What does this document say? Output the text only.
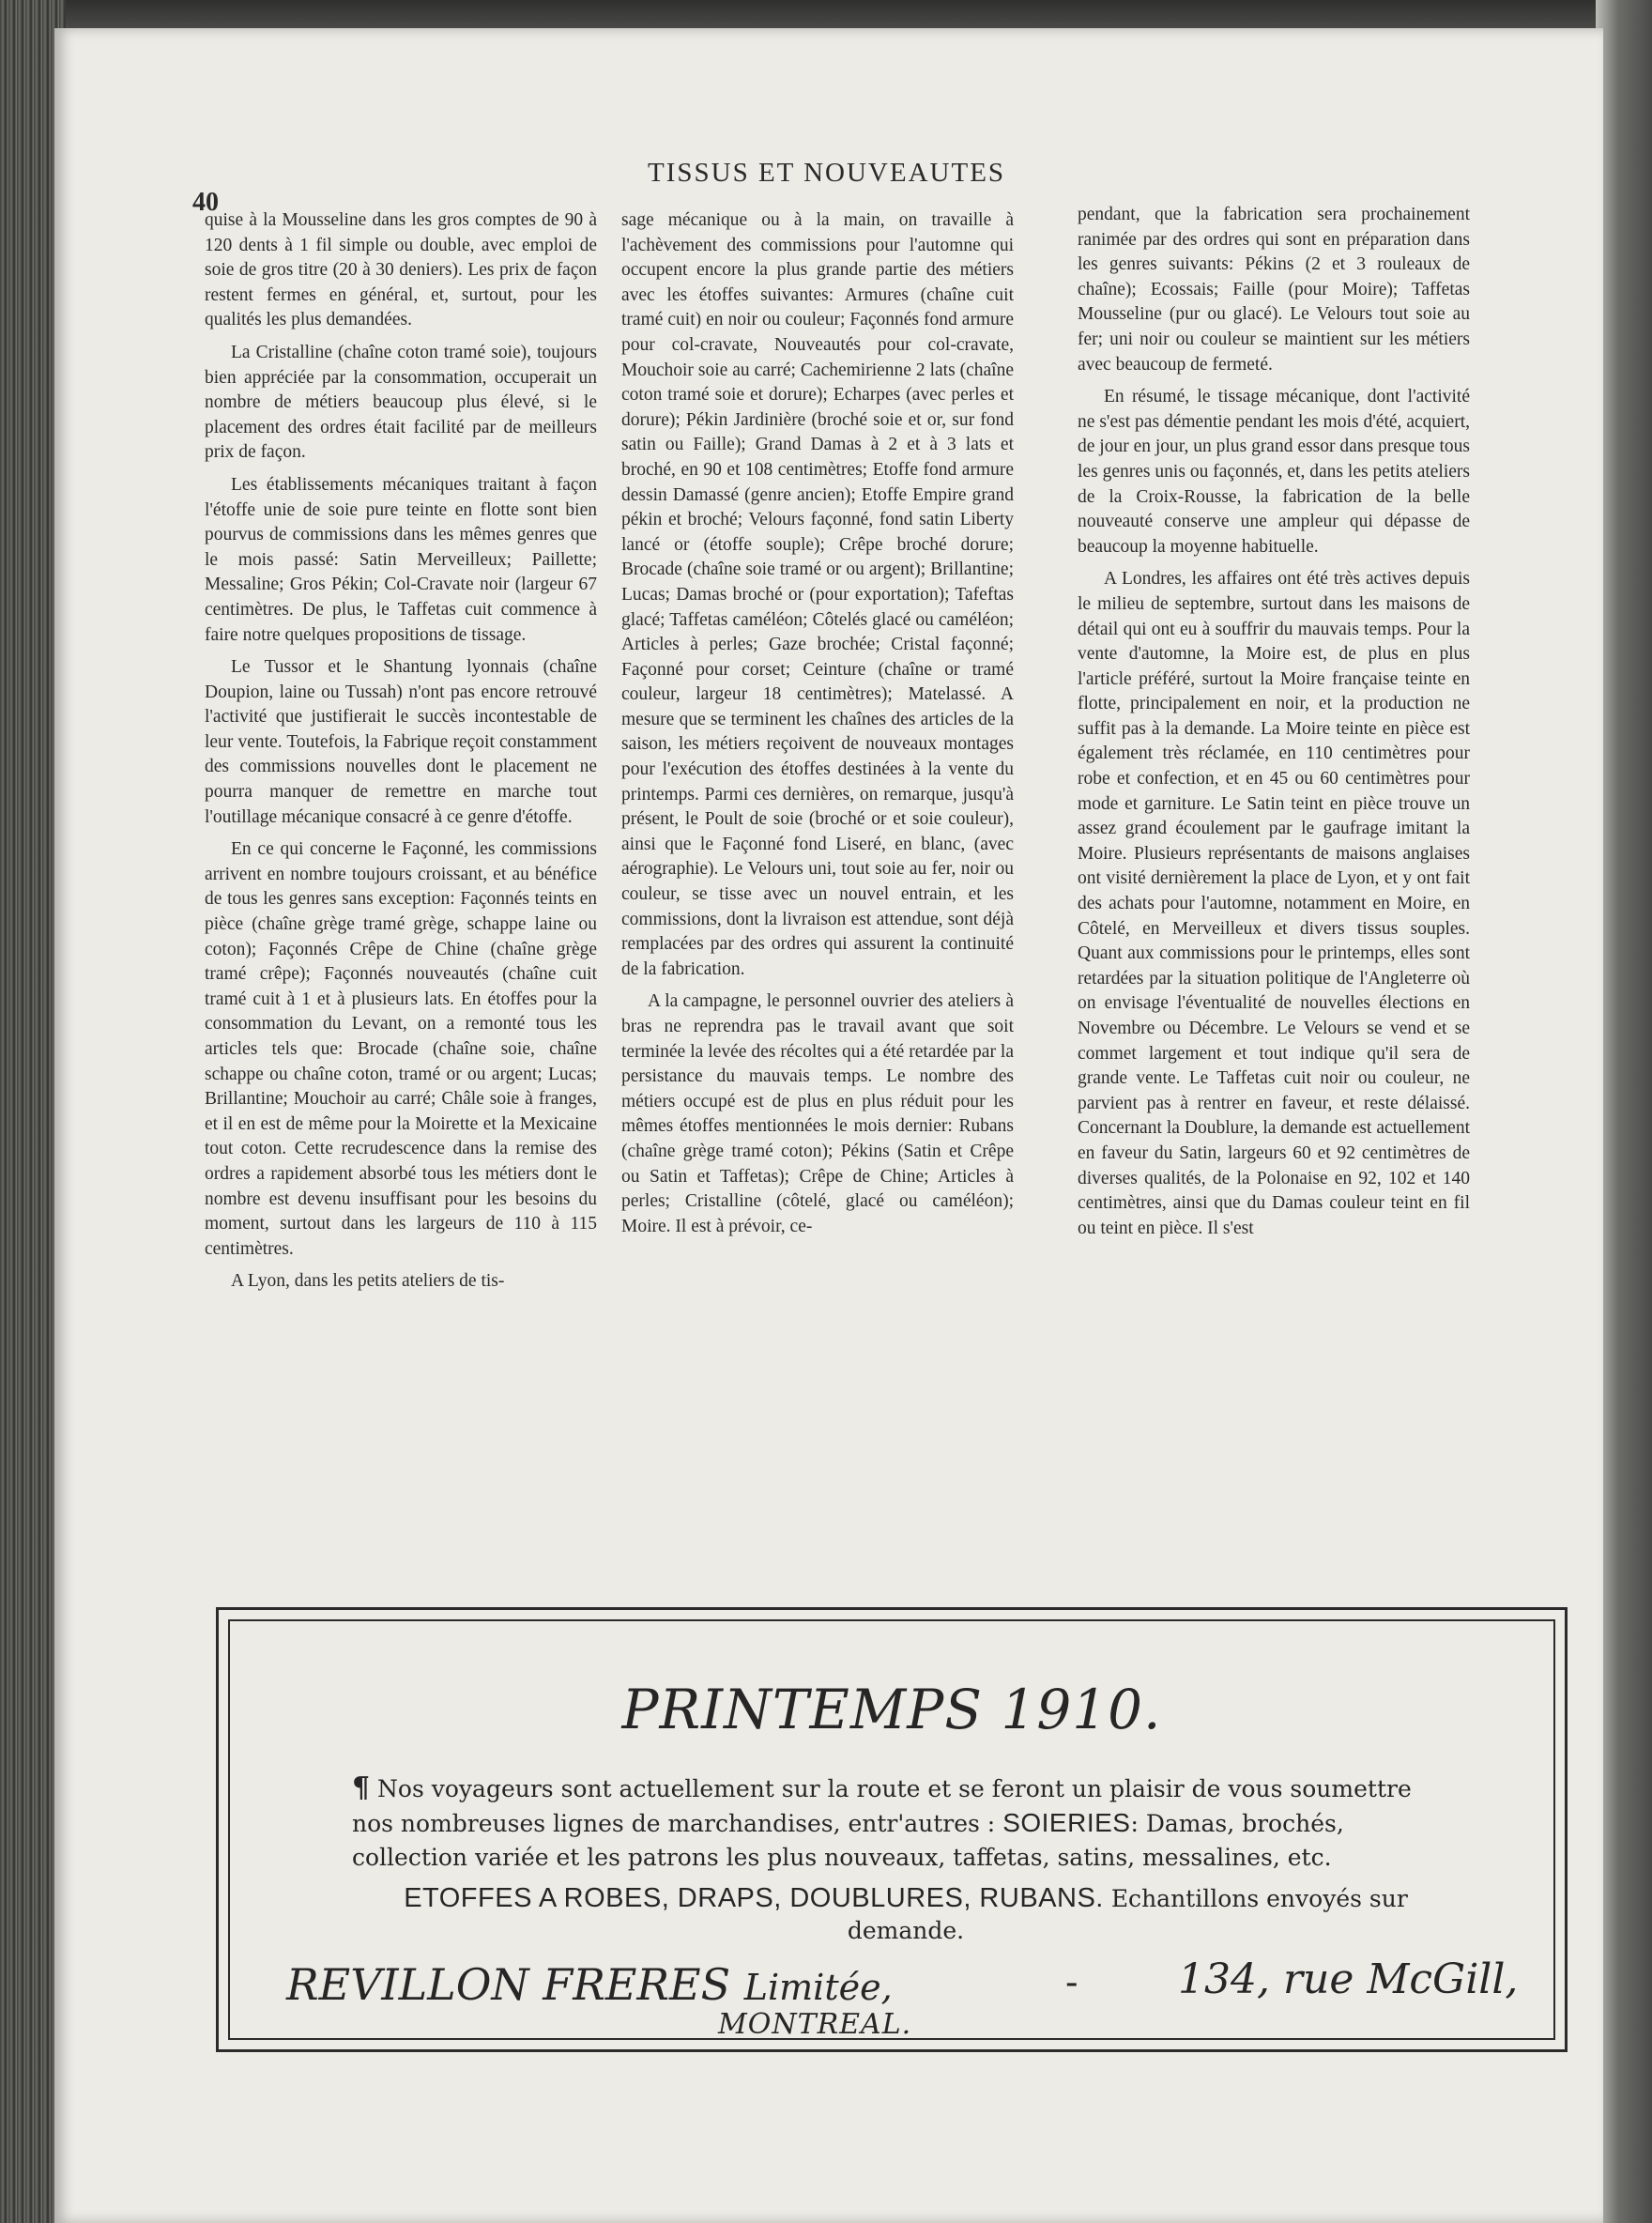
40
TISSUS ET NOUVEAUTES

quise à la Mousseline dans les gros comptes de 90 à 120 dents à 1 fil simple ou double, avec emploi de soie de gros titre (20 à 30 deniers). Les prix de façon restent fermes en général, et, surtout, pour les qualités les plus demandées.

La Cristalline (chaîne coton tramé soie), toujours bien appréciée par la consommation, occuperait un nombre de métiers beaucoup plus élevé, si le placement des ordres était facilité par de meilleurs prix de façon.

Les établissements mécaniques traitant à façon l'étoffe unie de soie pure teinte en flotte sont bien pourvus de commissions dans les mêmes genres que le mois passé: Satin Merveilleux; Paillette; Messaline; Gros Pékin; Col-Cravate noir (largeur 67 centimètres. De plus, le Taffetas cuit commence à faire notre quelques propositions de tissage.

Le Tussor et le Shantung lyonnais (chaîne Doupion, laine ou Tussah) n'ont pas encore retrouvé l'activité que justifierait le succès incontestable de leur vente. Toutefois, la Fabrique reçoit constamment des commissions nouvelles dont le placement ne pourra manquer de remettre en marche tout l'outillage mécanique consacré à ce genre d'étoffe.

En ce qui concerne le Façonné, les commissions arrivent en nombre toujours croissant, et au bénéfice de tous les genres sans exception: Façonnés teints en pièce (chaîne grège tramé grège, schappe laine ou coton); Façonnés Crêpe de Chine (chaîne grège tramé crêpe); Façonnés nouveautés (chaîne cuit tramé cuit à 1 et à plusieurs lats. En étoffes pour la consommation du Levant, on a remonté tous les articles tels que: Brocade (chaîne soie, chaîne schappe ou chaîne coton, tramé or ou argent; Lucas; Brillantine; Mouchoir au carré; Châle soie à franges, et il en est de même pour la Moirette et la Mexicaine tout coton. Cette recrudescence dans la remise des ordres a rapidement absorbé tous les métiers dont le nombre est devenu insuffisant pour les besoins du moment, surtout dans les largeurs de 110 à 115 centimètres.

A Lyon, dans les petits ateliers de tis-

sage mécanique ou à la main, on travaille à l'achèvement des commissions pour l'automne qui occupent encore la plus grande partie des métiers avec les étoffes suivantes: Armures (chaîne cuit tramé cuit) en noir ou couleur; Façonnés fond armure pour col-cravate, Nouveautés pour col-cravate, Mouchoir soie au carré; Cachemirienne 2 lats (chaîne coton tramé soie et dorure); Echarpes (avec perles et dorure); Pékin Jardinière (broché soie et or, sur fond satin ou Faille); Grand Damas à 2 et à 3 lats et broché, en 90 et 108 centimètres; Etoffe fond armure dessin Damassé (genre ancien); Etoffe Empire grand pékin et broché; Velours façonné, fond satin Liberty lancé or (étoffe souple); Crêpe broché dorure; Brocade (chaîne soie tramé or ou argent); Brillantine; Lucas; Damas broché or (pour exportation); Tafeftas glacé; Taffetas caméléon; Côtelés glacé ou caméléon; Articles à perles; Gaze brochée; Cristal façonné; Façonné pour corset; Ceinture (chaîne or tramé couleur, largeur 18 centimètres); Matelassé. A mesure que se terminent les chaînes des articles de la saison, les métiers reçoivent de nouveaux montages pour l'exécution des étoffes destinées à la vente du printemps. Parmi ces dernières, on remarque, jusqu'à présent, le Poult de soie (broché or et soie couleur), ainsi que le Façonné fond Liseré, en blanc, (avec aérographie). Le Velours uni, tout soie au fer, noir ou couleur, se tisse avec un nouvel entrain, et les commissions, dont la livraison est attendue, sont déjà remplacées par des ordres qui assurent la continuité de la fabrication.

A la campagne, le personnel ouvrier des ateliers à bras ne reprendra pas le travail avant que soit terminée la levée des récoltes qui a été retardée par la persistance du mauvais temps. Le nombre des métiers occupé est de plus en plus réduit pour les mêmes étoffes mentionnées le mois dernier: Rubans (chaîne grège tramé coton); Pékins (Satin et Crêpe ou Satin et Taffetas); Crêpe de Chine; Articles à perles; Cristalline (côtelé, glacé ou caméléon); Moire. Il est à prévoir, ce-

pendant, que la fabrication sera prochainement ranimée par des ordres qui sont en préparation dans les genres suivants: Pékins (2 et 3 rouleaux de chaîne); Ecossais; Faille (pour Moire); Taffetas Mousseline (pur ou glacé). Le Velours tout soie au fer; uni noir ou couleur se maintient sur les métiers avec beaucoup de fermeté.

En résumé, le tissage mécanique, dont l'activité ne s'est pas démentie pendant les mois d'été, acquiert, de jour en jour, un plus grand essor dans presque tous les genres unis ou façonnés, et, dans les petits ateliers de la Croix-Rousse, la fabrication de la belle nouveauté conserve une ampleur qui dépasse de beaucoup la moyenne habituelle.

A Londres, les affaires ont été très actives depuis le milieu de septembre, surtout dans les maisons de détail qui ont eu à souffrir du mauvais temps. Pour la vente d'automne, la Moire est, de plus en plus l'article préféré, surtout la Moire française teinte en flotte, principalement en noir, et la production ne suffit pas à la demande. La Moire teinte en pièce est également très réclamée, en 110 centimètres pour robe et confection, et en 45 ou 60 centimètres pour mode et garniture. Le Satin teint en pièce trouve un assez grand écoulement par le gaufrage imitant la Moire. Plusieurs représentants de maisons anglaises ont visité dernièrement la place de Lyon, et y ont fait des achats pour l'automne, notamment en Moire, en Côtelé, en Merveilleux et divers tissus souples. Quant aux commissions pour le printemps, elles sont retardées par la situation politique de l'Angleterre où on envisage l'éventualité de nouvelles élections en Novembre ou Décembre. Le Velours se vend et se commet largement et tout indique qu'il sera de grande vente. Le Taffetas cuit noir ou couleur, ne parvient pas à rentrer en faveur, et reste délaissé. Concernant la Doublure, la demande est actuellement en faveur du Satin, largeurs 60 et 92 centimètres de diverses qualités, de la Polonaise en 92, 102 et 140 centimètres, ainsi que du Damas couleur teint en fil ou teint en pièce. Il s'est

PRINTEMPS 1910.
¶ Nos voyageurs sont actuellement sur la route et se feront un plaisir de vous soumettre nos nombreuses lignes de marchandises, entr'autres : SOIERIES: Damas, brochés, collection variée et les patrons les plus nouveaux, taffetas, satins, messalines, etc.
ETOFFES A ROBES, DRAPS, DOUBLURES, RUBANS. Echantillons envoyés sur demande.
REVILLON FRERES Limitée,	- 134, rue McGill,
MONTREAL.
